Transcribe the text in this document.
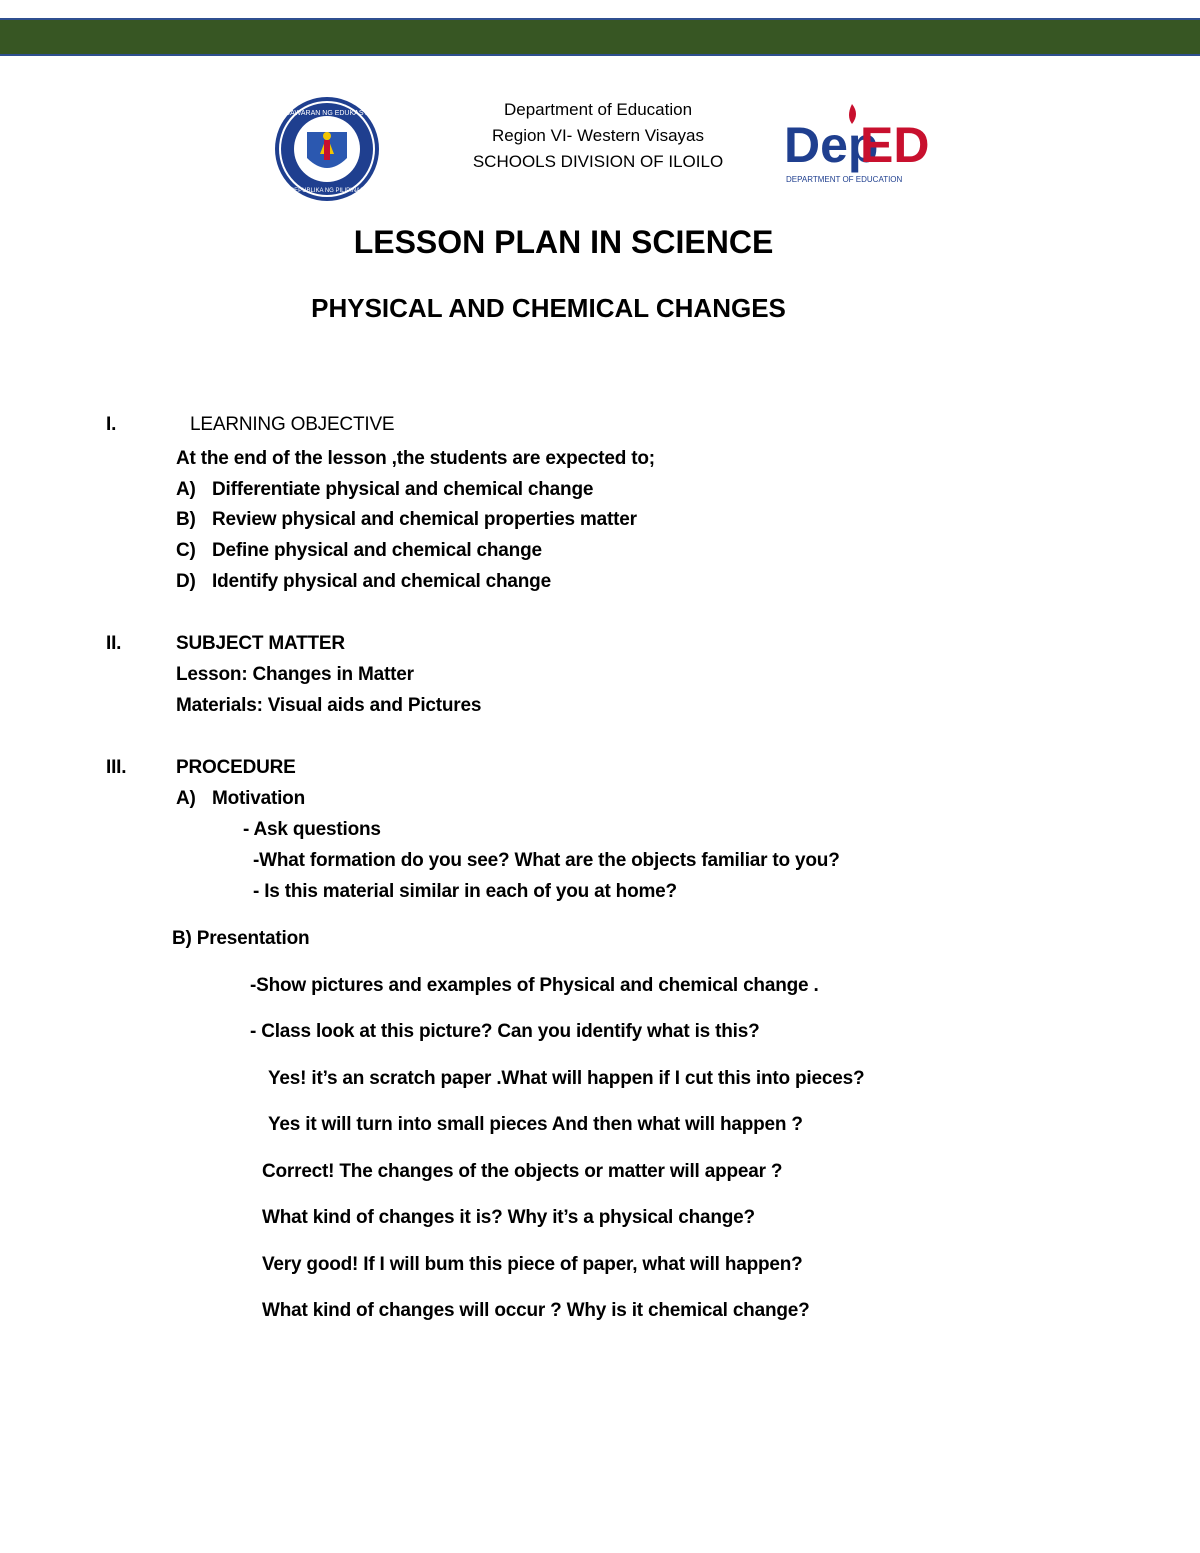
KAGAWARAN NG EDUKASYON
REPUBLIKA NG PILIPINAS
Department of Education
Region VI- Western Visayas
SCHOOLS DIVISION OF ILOILO	Dep
ED
DEPARTMENT OF EDUCATION
LESSON PLAN IN SCIENCE
PHYSICAL AND CHEMICAL CHANGES
I.	LEARNING OBJECTIVE
At the end of the lesson ,the students are expected to;
A) Differentiate physical and chemical change
B) Review physical and chemical properties matter
C) Define physical and chemical change
D) Identify physical and chemical change
II.	SUBJECT MATTER
Lesson: Changes in Matter
Materials: Visual aids and Pictures
III.	PROCEDURE
A) Motivation
- Ask questions
-What formation do you see? What are the objects familiar to you?
- Is this material similar in each of you at home?
B) Presentation
-Show pictures and examples of Physical and chemical change .
- Class look at this picture? Can you identify what is this?
Yes! it’s an scratch paper .What will happen if I cut this into pieces?
Yes it will turn into small pieces And then what will happen ?
Correct! The changes of the objects or matter will appear ?
What kind of changes it is? Why it’s a physical change?
Very good! If I will bum this piece of paper, what will happen?
What kind of changes will occur ? Why is it chemical change?
